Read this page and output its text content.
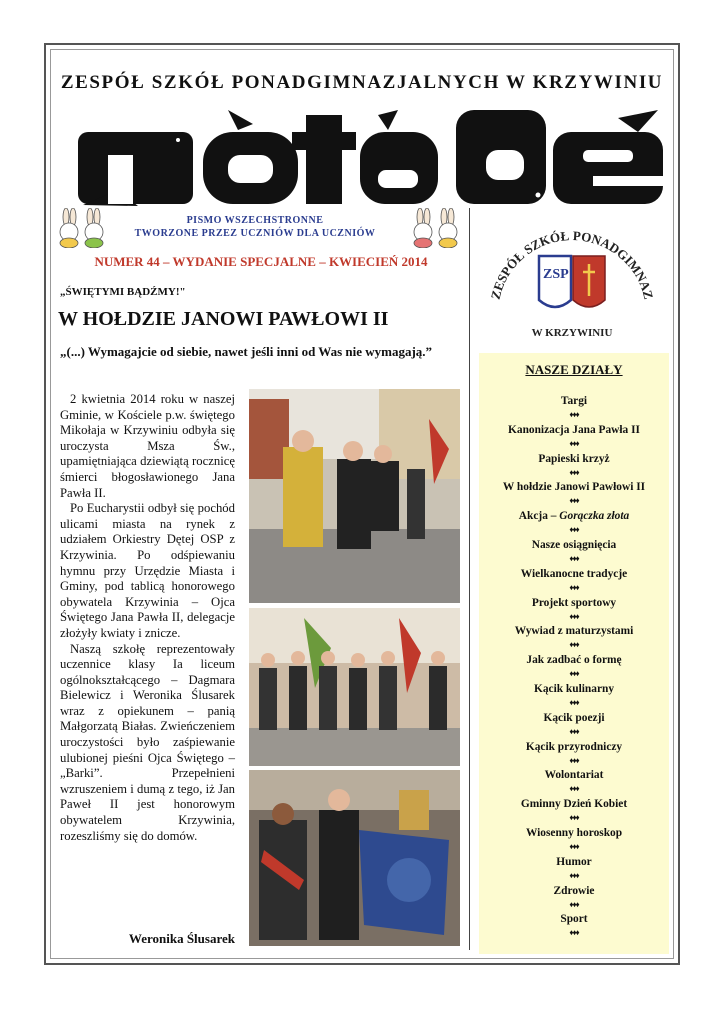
ZESPÓŁ SZKÓŁ PONADGIMNAZJALNYCH W KRZYWINIU
PISMO WSZECHSTRONNE
TWORZONE PRZEZ UCZNIÓW DLA UCZNIÓW
NUMER 44 – WYDANIE SPECJALNE – KWIECIEŃ 2014
„ŚWIĘTYMI BĄDŹMY!"
W HOŁDZIE JANOWI PAWŁOWI II
„(...) Wymagajcie od siebie, nawet jeśli inni od Was nie wymagają.”

2 kwietnia 2014 roku w naszej Gminie, w Kościele p.w. świętego Mikołaja w Krzywiniu odbyła się uroczysta Msza Św., upamiętniająca dziewiątą rocznicę śmierci błogosławionego Jana Pawła II.

Po Eucharystii odbył się pochód ulicami miasta na rynek z udziałem Orkiestry Dętej OSP z Krzywinia. Po odśpiewaniu hymnu przy Urzędzie Miasta i Gminy, pod tablicą honorowego obywatela Krzywinia – Ojca Świętego Jana Pawła II, delegacje złożyły kwiaty i znicze.

Naszą szkołę reprezentowały uczennice klasy Ia liceum ogólnokształcącego – Dagmara Bielewicz i Weronika Ślusarek wraz z opiekunem – panią Małgorzatą Białas. Zwieńczeniem uroczystości było zaśpiewanie ulubionej pieśni Ojca Świętego – „Barki”. Przepełnieni wzruszeniem i dumą z tego, iż Jan Paweł II jest honorowym obywatelem Krzywinia, rozeszliśmy się do domów.

Weronika Ślusarek
ZESPÓŁ SZKÓŁ PONADGIMNAZ
ZSP
W KRZYWINIU
NASZE DZIAŁY
Targi
♦♦♦
Kanonizacja Jana Pawła II
♦♦♦
Papieski krzyż
♦♦♦
W hołdzie Janowi Pawłowi II
♦♦♦
Akcja – Gorączka złota
♦♦♦
Nasze osiągnięcia
♦♦♦
Wielkanocne tradycje
♦♦♦
Projekt sportowy
♦♦♦
Wywiad z maturzystami
♦♦♦
Jak zadbać o formę
♦♦♦
Kącik kulinarny
♦♦♦
Kącik poezji
♦♦♦
Kącik przyrodniczy
♦♦♦
Wolontariat
♦♦♦
Gminny Dzień Kobiet
♦♦♦
Wiosenny horoskop
♦♦♦
Humor
♦♦♦
Zdrowie
♦♦♦
Sport
♦♦♦
